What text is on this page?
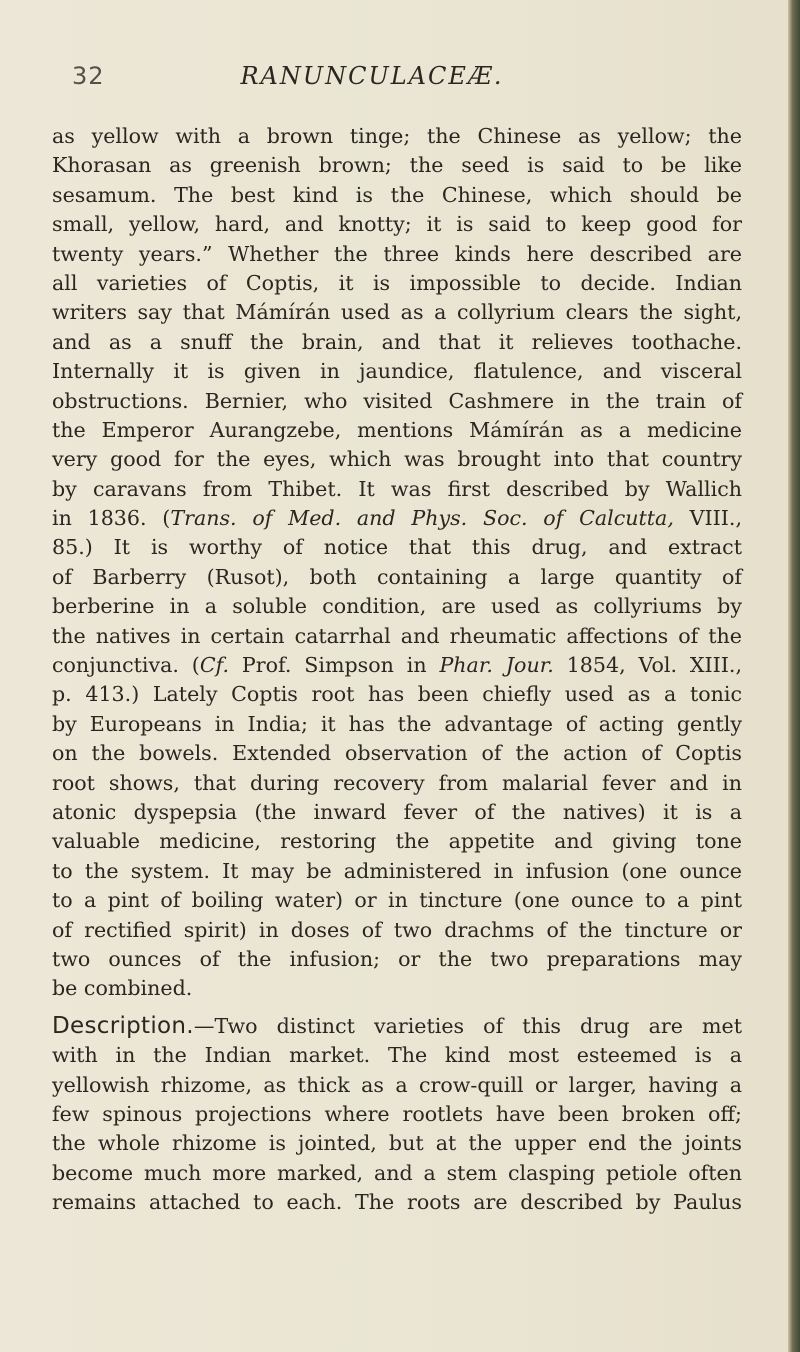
32	RANUNCULACEÆ.
as yellow with a brown tinge; the Chinese as yellow; the
Khorasan as greenish brown; the seed is said to be like
sesamum. The best kind is the Chinese, which should be
small, yellow, hard, and knotty; it is said to keep good for
twenty years.” Whether the three kinds here described are
all varieties of Coptis, it is impossible to decide. Indian
writers say that Mámírán used as a collyrium clears the sight,
and as a snuff the brain, and that it relieves toothache.
Internally it is given in jaundice, flatulence, and visceral
obstructions. Bernier, who visited Cashmere in the train of
the Emperor Aurangzebe, mentions Mámírán as a medicine
very good for the eyes, which was brought into that country
by caravans from Thibet. It was first described by Wallich
in 1836. (Trans. of Med. and Phys. Soc. of Calcutta, VIII.,
85.) It is worthy of notice that this drug, and extract
of Barberry (Rusot), both containing a large quantity of
berberine in a soluble condition, are used as collyriums by
the natives in certain catarrhal and rheumatic affections of the
conjunctiva. (Cf. Prof. Simpson in Phar. Jour. 1854, Vol. XIII.,
p. 413.) Lately Coptis root has been chiefly used as a tonic
by Europeans in India; it has the advantage of acting gently
on the bowels. Extended observation of the action of Coptis
root shows, that during recovery from malarial fever and in
atonic dyspepsia (the inward fever of the natives) it is a
valuable medicine, restoring the appetite and giving tone
to the system. It may be administered in infusion (one ounce
to a pint of boiling water) or in tincture (one ounce to a pint
of rectified spirit) in doses of two drachms of the tincture or
two ounces of the infusion; or the two preparations may
be combined.
Description.—Two distinct varieties of this drug are met
with in the Indian market. The kind most esteemed is a
yellowish rhizome, as thick as a crow-quill or larger, having a
few spinous projections where rootlets have been broken off;
the whole rhizome is jointed, but at the upper end the joints
become much more marked, and a stem clasping petiole often
remains attached to each. The roots are described by Paulus
